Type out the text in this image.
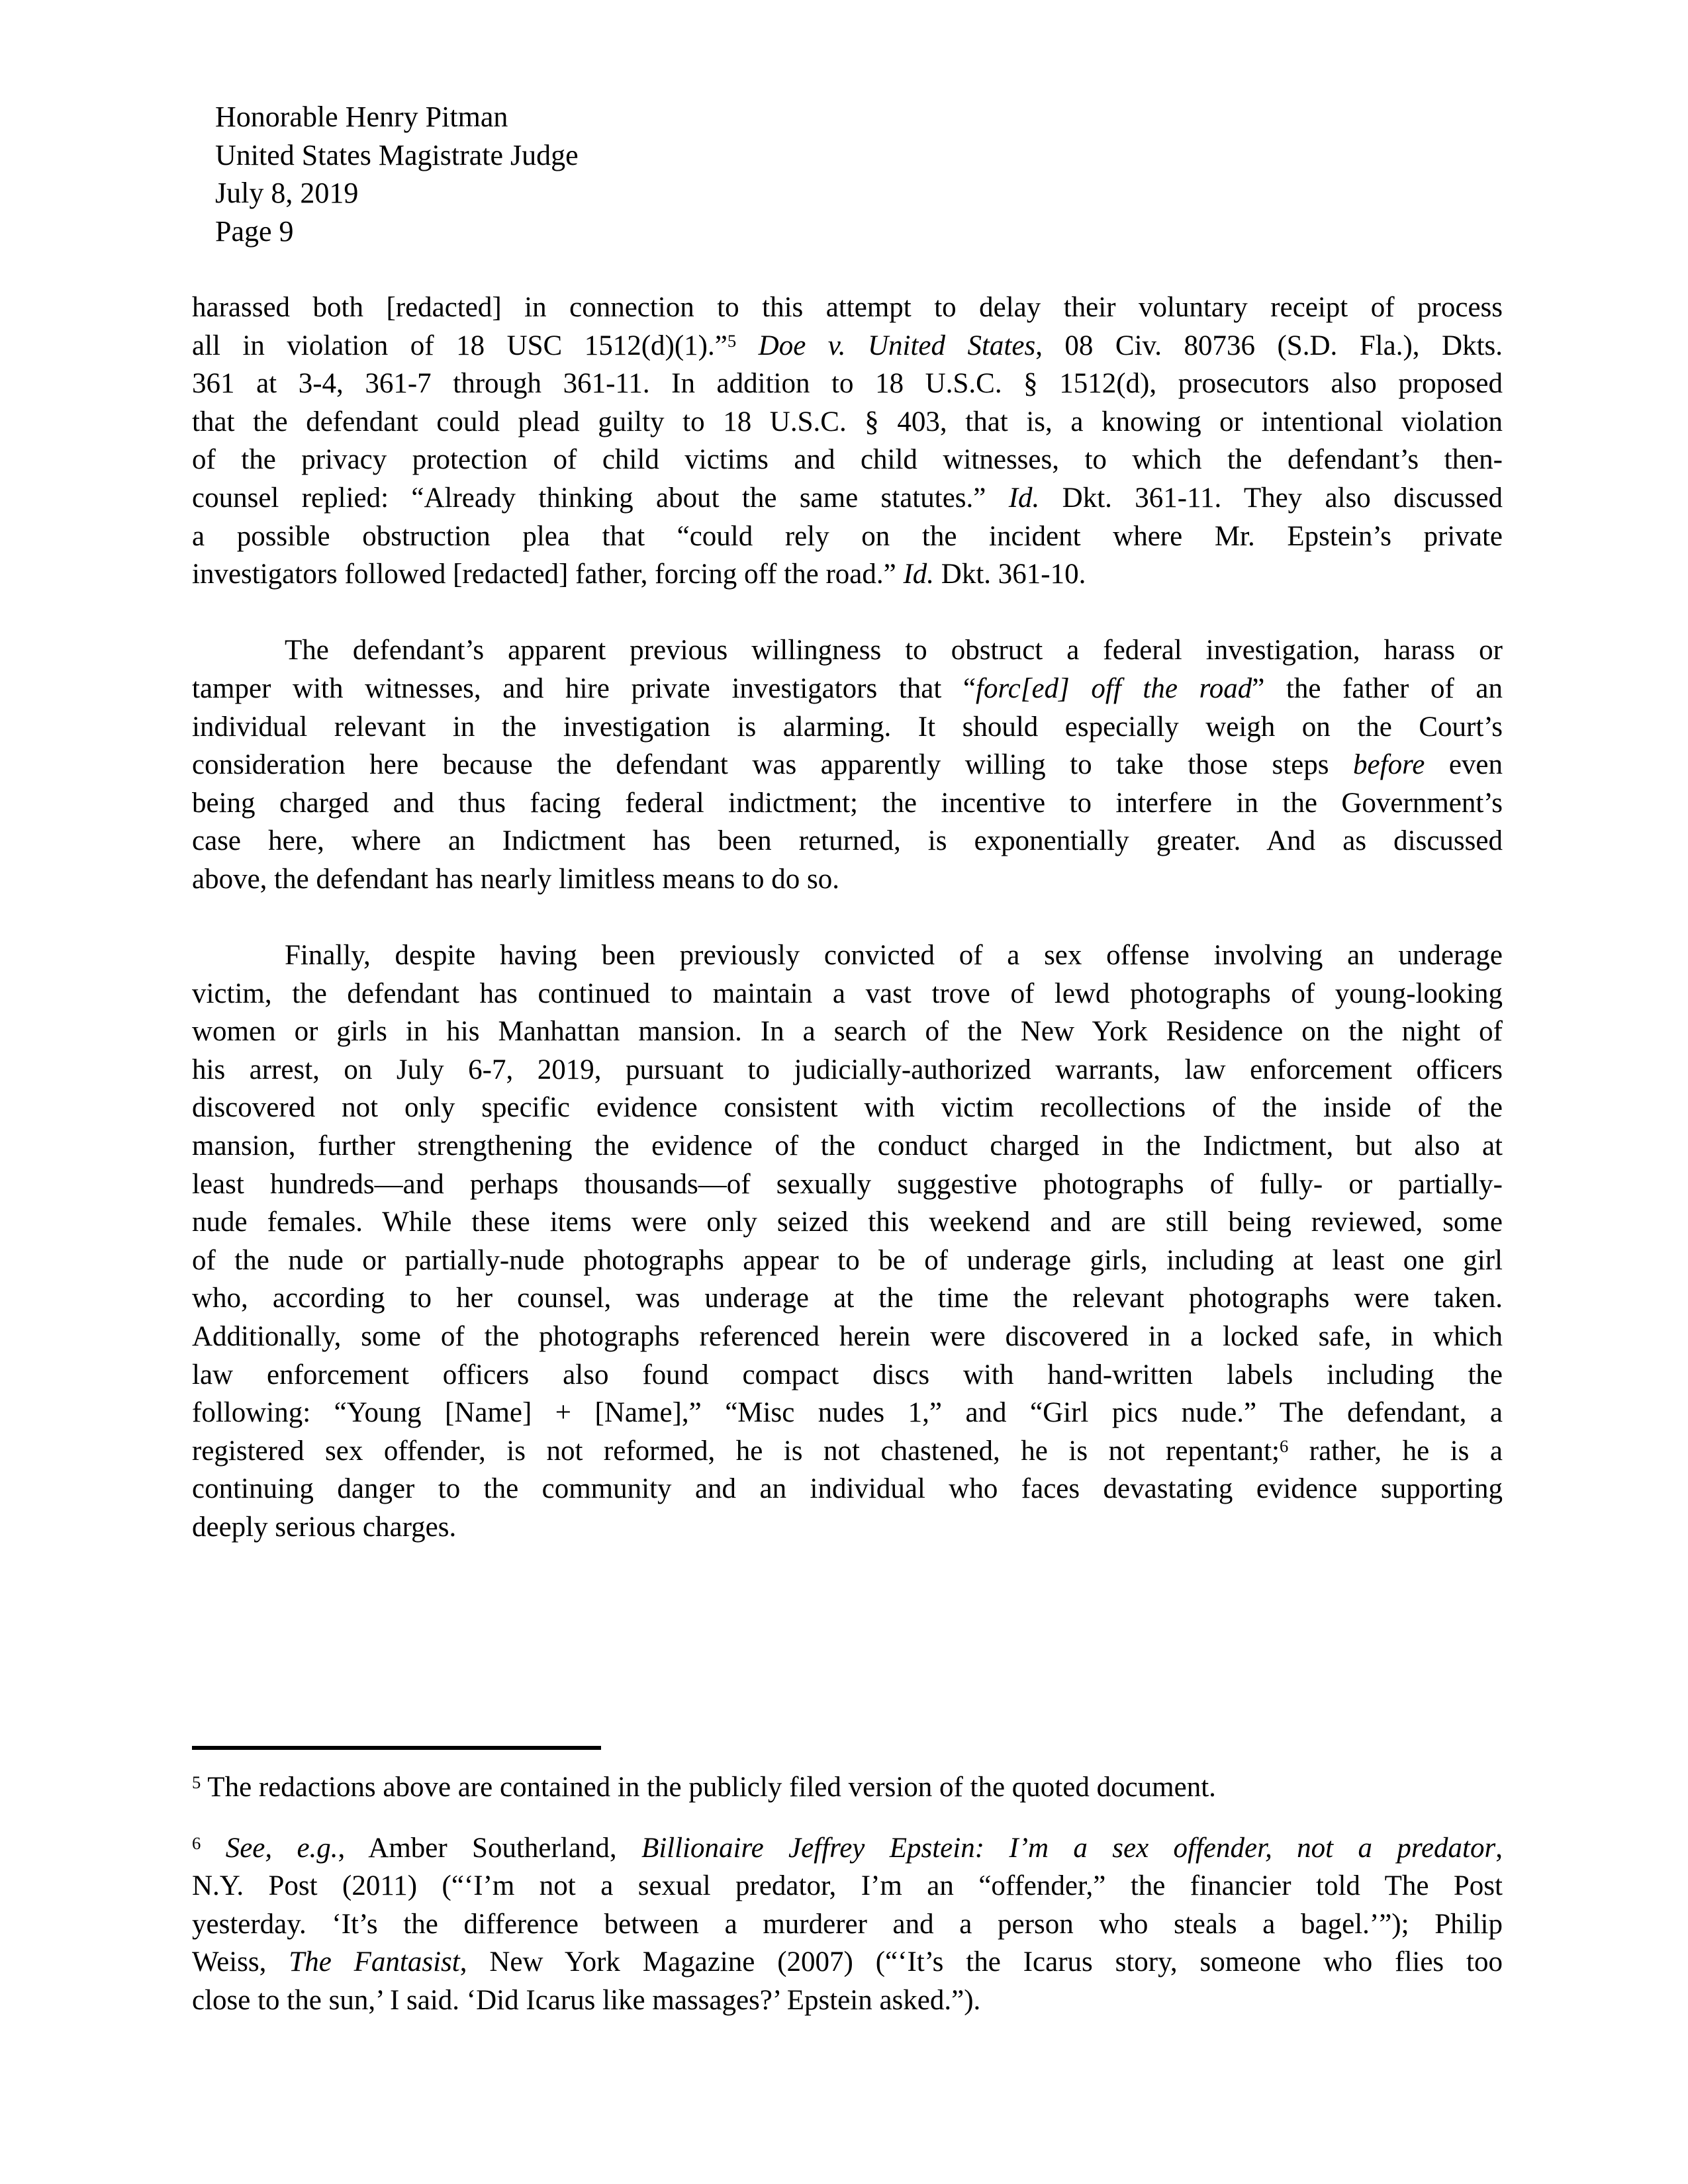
Honorable Henry Pitman
United States Magistrate Judge
July 8, 2019
Page 9
harassed both [redacted] in connection to this attempt to delay their voluntary receipt of process
all in violation of 18 USC 1512(d)(1).”$^5$ Doe v. United States, 08 Civ. 80736 (S.D. Fla.), Dkts.
361 at 3-4, 361-7 through 361-11. In addition to 18 U.S.C. § 1512(d), prosecutors also proposed
that the defendant could plead guilty to 18 U.S.C. § 403, that is, a knowing or intentional violation
of the privacy protection of child victims and child witnesses, to which the defendant’s then-
counsel replied: “Already thinking about the same statutes.” Id. Dkt. 361-11. They also discussed
a possible obstruction plea that “could rely on the incident where Mr. Epstein’s private
investigators followed [redacted] father, forcing off the road.” Id. Dkt. 361-10.
The defendant’s apparent previous willingness to obstruct a federal investigation, harass or
tamper with witnesses, and hire private investigators that “forc[ed] off the road” the father of an
individual relevant in the investigation is alarming. It should especially weigh on the Court’s
consideration here because the defendant was apparently willing to take those steps before even
being charged and thus facing federal indictment; the incentive to interfere in the Government’s
case here, where an Indictment has been returned, is exponentially greater. And as discussed
above, the defendant has nearly limitless means to do so.
Finally, despite having been previously convicted of a sex offense involving an underage
victim, the defendant has continued to maintain a vast trove of lewd photographs of young-looking
women or girls in his Manhattan mansion. In a search of the New York Residence on the night of
his arrest, on July 6-7, 2019, pursuant to judicially-authorized warrants, law enforcement officers
discovered not only specific evidence consistent with victim recollections of the inside of the
mansion, further strengthening the evidence of the conduct charged in the Indictment, but also at
least hundreds—and perhaps thousands—of sexually suggestive photographs of fully- or partially-
nude females. While these items were only seized this weekend and are still being reviewed, some
of the nude or partially-nude photographs appear to be of underage girls, including at least one girl
who, according to her counsel, was underage at the time the relevant photographs were taken.
Additionally, some of the photographs referenced herein were discovered in a locked safe, in which
law enforcement officers also found compact discs with hand-written labels including the
following: “Young [Name] + [Name],” “Misc nudes 1,” and “Girl pics nude.” The defendant, a
registered sex offender, is not reformed, he is not chastened, he is not repentant;$^6$ rather, he is a
continuing danger to the community and an individual who faces devastating evidence supporting
deeply serious charges.
$^5$ The redactions above are contained in the publicly filed version of the quoted document.
$^6$ See, e.g., Amber Southerland, Billionaire Jeffrey Epstein: I’m a sex offender, not a predator,
N.Y. Post (2011) (“‘I’m not a sexual predator, I’m an “offender,” the financier told The Post
yesterday. ‘It’s the difference between a murderer and a person who steals a bagel.’”); Philip
Weiss, The Fantasist, New York Magazine (2007) (“‘It’s the Icarus story, someone who flies too
close to the sun,’ I said. ‘Did Icarus like massages?’ Epstein asked.”).
